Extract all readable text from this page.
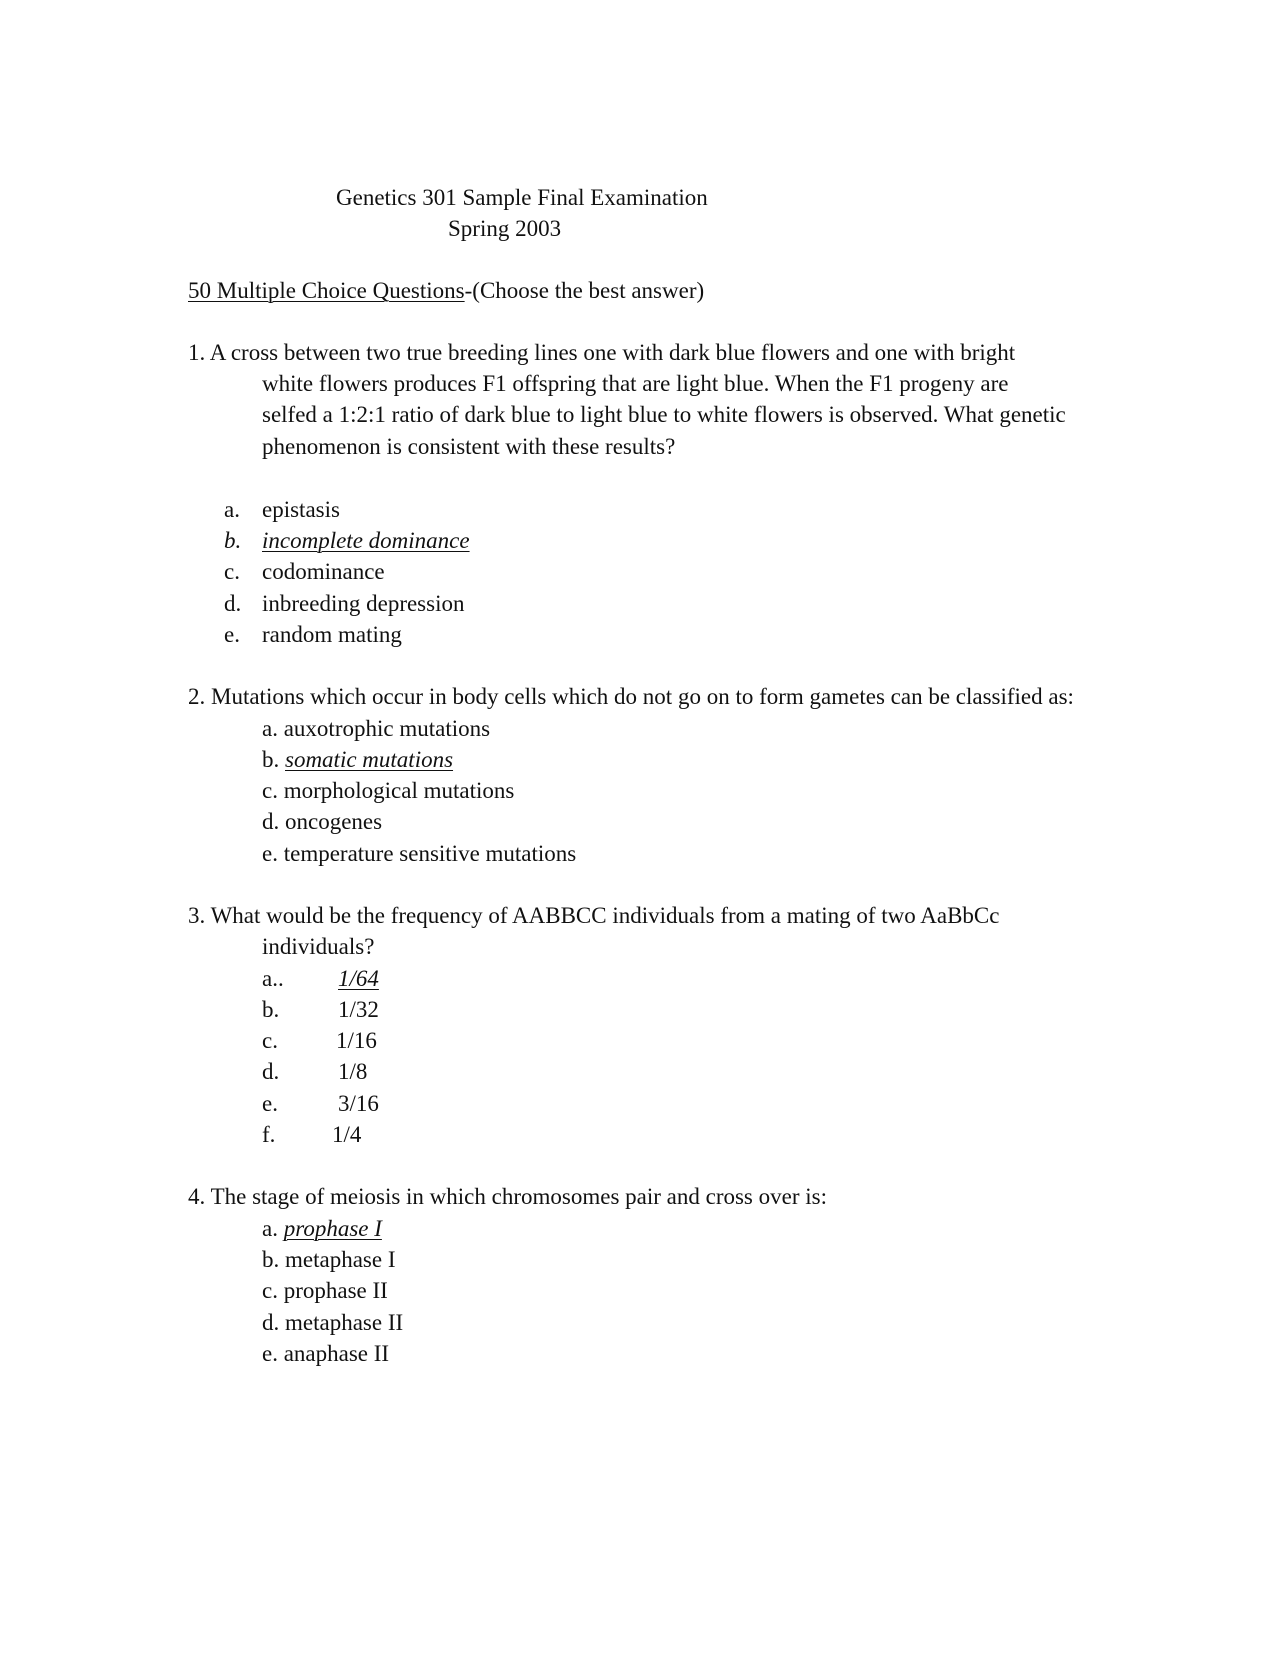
Genetics 301 Sample Final Examination
Spring 2003
50 Multiple Choice Questions-(Choose the best answer)
1. A cross between two true breeding lines one with dark blue flowers and one with bright
white flowers produces F1 offspring that are light blue. When the F1 progeny are
selfed a 1:2:1 ratio of dark blue to light blue to white flowers is observed. What genetic
phenomenon is consistent with these results?
a. epistasis
b. incomplete dominance
c. codominance
d. inbreeding depression
e. random mating
2. Mutations which occur in body cells which do not go on to form gametes can be classified as:
a. auxotrophic mutations
b. somatic mutations
c. morphological mutations
d. oncogenes
e. temperature sensitive mutations
3. What would be the frequency of AABBCC individuals from a mating of two AaBbCc
individuals?
a.. 1/64
b.	1/32
c.	1/16
d.	1/8
e.	3/16
f. 1/4
4. The stage of meiosis in which chromosomes pair and cross over is:
a. prophase I
b. metaphase I
c. prophase II
d. metaphase II
e. anaphase II
